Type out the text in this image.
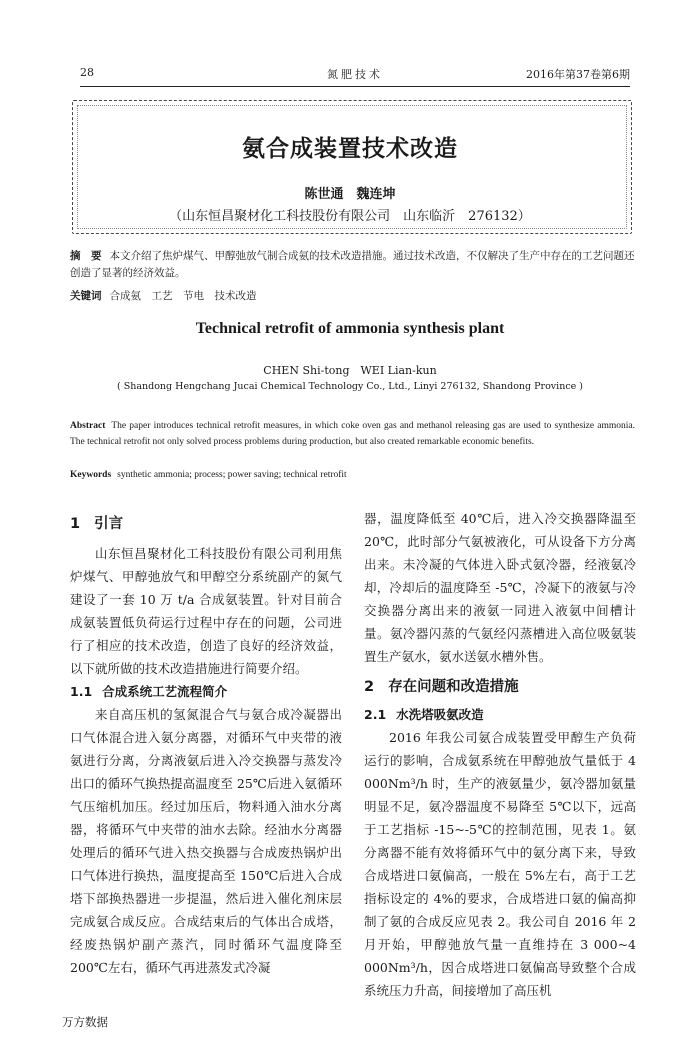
28	氮肥技术	2016年第37卷第6期
氨合成装置技术改造
陈世通　魏连坤
（山东恒昌聚材化工科技股份有限公司　山东临沂　276132）
摘　要 本文介绍了焦炉煤气、甲醇弛放气制合成氨的技术改造措施。通过技术改造，不仅解决了生产中存在的工艺问题还创造了显著的经济效益。
关键词 合成氨　工艺　节电　技术改造
Technical retrofit of ammonia synthesis plant
CHEN Shi-tong　WEI Lian-kun
( Shandong Hengchang Jucai Chemical Technology Co., Ltd., Linyi 276132, Shandong Province )
Abstract The paper introduces technical retrofit measures, in which coke oven gas and methanol releasing gas are used to synthesize ammonia. The technical retrofit not only solved process problems during production, but also created remarkable economic benefits.
Keywords synthetic ammonia; process; power saving; technical retrofit
1 引言

山东恒昌聚材化工科技股份有限公司利用焦炉煤气、甲醇弛放气和甲醇空分系统副产的氮气建设了一套 10 万 t/a 合成氨装置。针对目前合成氨装置低负荷运行过程中存在的问题，公司进行了相应的技术改造，创造了良好的经济效益，以下就所做的技术改造措施进行简要介绍。

1.1 合成系统工艺流程简介

来自高压机的氢氮混合气与氨合成冷凝器出口气体混合进入氨分离器，对循环气中夹带的液氨进行分离，分离液氨后进入冷交换器与蒸发冷出口的循环气换热提高温度至 25℃后进入氨循环气压缩机加压。经过加压后，物料通入油水分离器，将循环气中夹带的油水去除。经油水分离器处理后的循环气进入热交换器与合成废热锅炉出口气体进行换热，温度提高至 150℃后进入合成塔下部换热器进一步提温，然后进入催化剂床层完成氨合成反应。合成结束后的气体出合成塔，经废热锅炉副产蒸汽，同时循环气温度降至 200℃左右，循环气再进蒸发式冷凝

器，温度降低至 40℃后，进入冷交换器降温至 20℃，此时部分气氨被液化，可从设备下方分离出来。未冷凝的气体进入卧式氨冷器，经液氨冷却，冷却后的温度降至 -5℃，冷凝下的液氨与冷交换器分离出来的液氨一同进入液氨中间槽计量。氨冷器闪蒸的气氨经闪蒸槽进入高位吸氨装置生产氨水，氨水送氨水槽外售。

2 存在问题和改造措施
2.1 水洗塔吸氨改造

2016 年我公司氨合成装置受甲醇生产负荷运行的影响，合成氨系统在甲醇弛放气量低于 4 000Nm³/h 时，生产的液氨量少，氨冷器加氨量明显不足，氨冷器温度不易降至 5℃以下，远高于工艺指标 -15~-5℃的控制范围，见表 1。氨分离器不能有效将循环气中的氨分离下来，导致合成塔进口氨偏高，一般在 5%左右，高于工艺指标设定的 4%的要求，合成塔进口氨的偏高抑制了氨的合成反应见表 2。我公司自 2016 年 2 月开始，甲醇弛放气量一直维持在 3 000~4 000Nm³/h，因合成塔进口氨偏高导致整个合成系统压力升高，间接增加了高压机

万方数据
